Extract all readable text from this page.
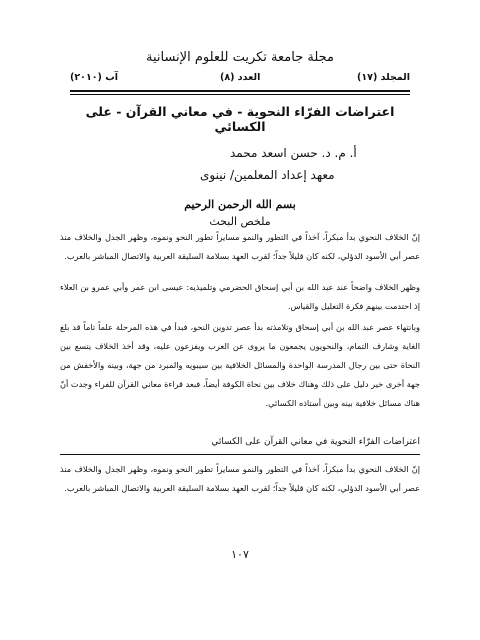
مجلة جامعة تكريت للعلوم الإنسانية
آب (٢٠١٠)	العدد (٨)	المجلد (١٧)
اعتراضات الفرّاء النحوية - في معاني القرآن - على الكسائي
أ. م. د. حسن اسعد محمد
معهد إعداد المعلمين/ نينوى
بسم الله الرحمن الرحيم
ملخص البحث
إنّ الخلاف النحوي بدأ مبكراً، آخذاً في التطور والنمو مسايراً تطور النحو ونموه، وظهر الجدل والخلاف منذ عصر أبي الأسود الدؤلي، لكنه كان قليلاً جداً؛ لقرب العهد بسلامة السليقة العربية والاتصال المباشر بالعرب.
وظهر الخلاف واضحاً عند عبد الله بن أبي إسحاق الحضرمي وتلميذيه: عيسى ابن عمر وأبي عمرو بن العلاء إذ احتدمت بينهم فكرة التعليل والقياس.
وبانتهاء عصر عبد الله بن أبي إسحاق وتلامذته بدأ عصر تدوين النحو، فبدأ في هذه المرحلة علماً تاماً قد بلغ الغاية وشارف التمام، والنحويون يجمعون ما يروى عن العرب ويفزعون عليه، وقد أخذ الخلاف يتسع بين النحاة حتى بين رجال المدرسة الواحدة والمسائل الخلافية بين سيبويه والمبرد من جهة، وبينه والأخفش من جهة أخرى خير دليل على ذلك وهناك خلاف بين نحاة الكوفة أيضاً، فبعد قراءة معاني القرآن للفراء وجدت أنّ هناك مسائل خلافية بينه وبين أستاذه الكسائي.
اعتراضات الفرّاء النحوية في معاني القرآن على الكسائي
إنّ الخلاف النحوي بدأ مبكراً، آخذاً في التطور والنمو مسايراً تطور النحو ونموه، وظهر الجدل والخلاف منذ عصر أبي الأسود الدؤلي، لكنه كان قليلاً جداً؛ لقرب العهد بسلامة السليقة العربية والاتصال المباشر بالعرب.
١٠٧
